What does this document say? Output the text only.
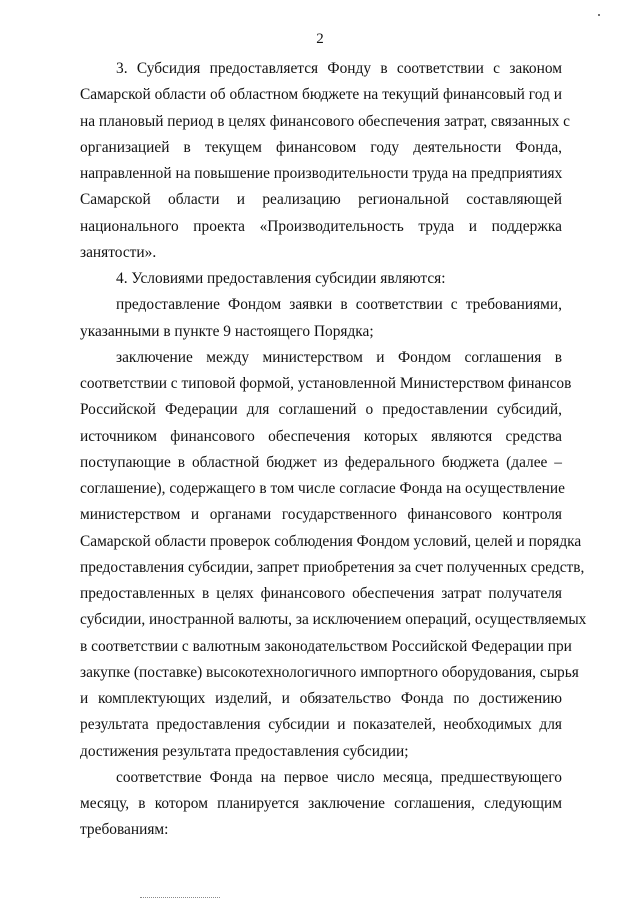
2
3. Субсидия предоставляется Фонду в соответствии с законом
Самарской области об областном бюджете на текущий финансовый год и
на плановый период в целях финансового обеспечения затрат, связанных с
организацией в текущем финансовом году деятельности Фонда,
направленной на повышение производительности труда на предприятиях
Самарской области и реализацию региональной составляющей
национального проекта «Производительность труда и поддержка
занятости».
4. Условиями предоставления субсидии являются:
предоставление Фондом заявки в соответствии с требованиями,
указанными в пункте 9 настоящего Порядка;
заключение между министерством и Фондом соглашения в
соответствии с типовой формой, установленной Министерством финансов
Российской Федерации для соглашений о предоставлении субсидий,
источником финансового обеспечения которых являются средства
поступающие в областной бюджет из федерального бюджета (далее –
соглашение), содержащего в том числе согласие Фонда на осуществление
министерством и органами государственного финансового контроля
Самарской области проверок соблюдения Фондом условий, целей и порядка
предоставления субсидии, запрет приобретения за счет полученных средств,
предоставленных в целях финансового обеспечения затрат получателя
субсидии, иностранной валюты, за исключением операций, осуществляемых
в соответствии с валютным законодательством Российской Федерации при
закупке (поставке) высокотехнологичного импортного оборудования, сырья
и комплектующих изделий, и обязательство Фонда по достижению
результата предоставления субсидии и показателей, необходимых для
достижения результата предоставления субсидии;
соответствие Фонда на первое число месяца, предшествующего
месяцу, в котором планируется заключение соглашения, следующим
требованиям:
